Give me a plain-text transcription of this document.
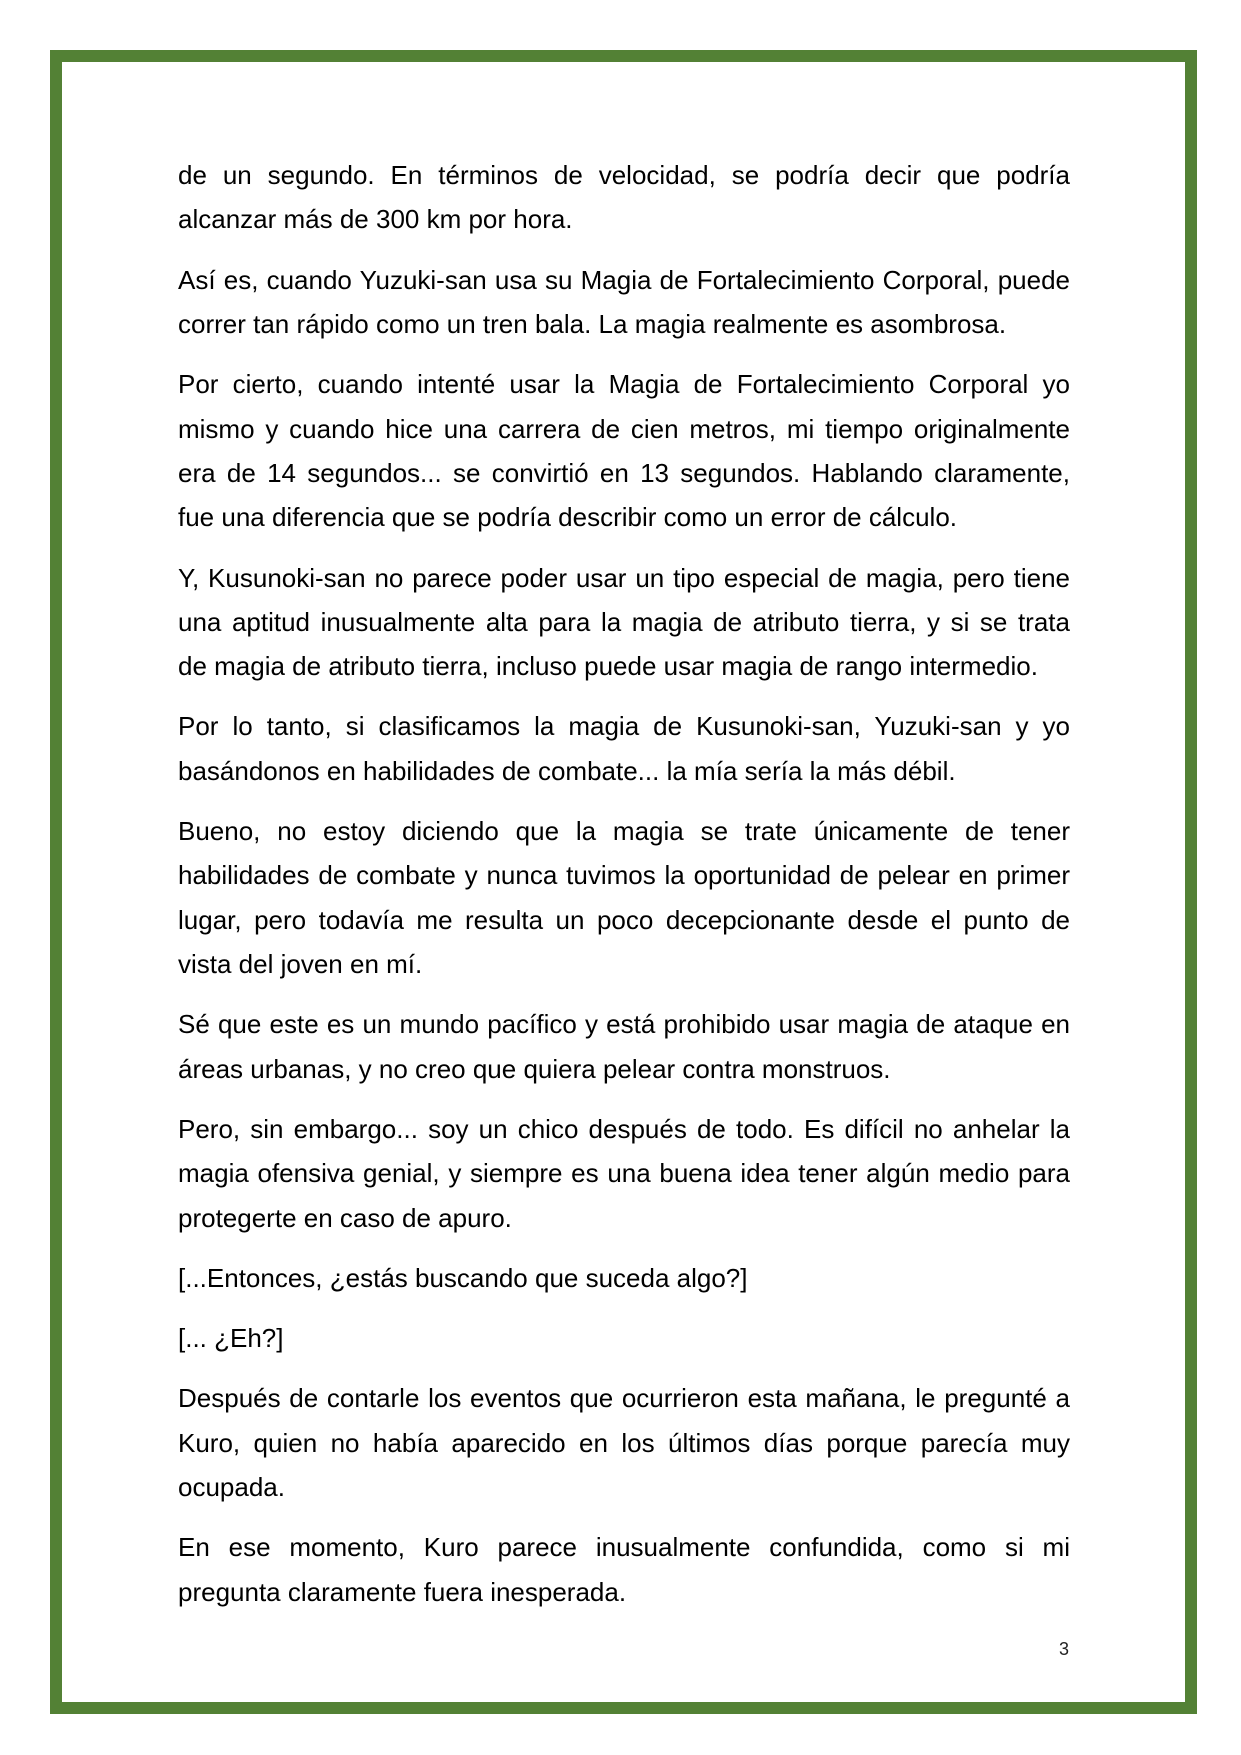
de un segundo. En términos de velocidad, se podría decir que podría
alcanzar más de 300 km por hora.
Así es, cuando Yuzuki-san usa su Magia de Fortalecimiento Corporal, puede
correr tan rápido como un tren bala. La magia realmente es asombrosa.
Por cierto, cuando intenté usar la Magia de Fortalecimiento Corporal yo
mismo y cuando hice una carrera de cien metros, mi tiempo originalmente
era de 14 segundos... se convirtió en 13 segundos. Hablando claramente,
fue una diferencia que se podría describir como un error de cálculo.
Y, Kusunoki-san no parece poder usar un tipo especial de magia, pero tiene
una aptitud inusualmente alta para la magia de atributo tierra, y si se trata
de magia de atributo tierra, incluso puede usar magia de rango intermedio.
Por lo tanto, si clasificamos la magia de Kusunoki-san, Yuzuki-san y yo
basándonos en habilidades de combate... la mía sería la más débil.
Bueno, no estoy diciendo que la magia se trate únicamente de tener
habilidades de combate y nunca tuvimos la oportunidad de pelear en primer
lugar, pero todavía me resulta un poco decepcionante desde el punto de
vista del joven en mí.
Sé que este es un mundo pacífico y está prohibido usar magia de ataque en
áreas urbanas, y no creo que quiera pelear contra monstruos.
Pero, sin embargo... soy un chico después de todo. Es difícil no anhelar la
magia ofensiva genial, y siempre es una buena idea tener algún medio para
protegerte en caso de apuro.
[...Entonces, ¿estás buscando que suceda algo?]
[... ¿Eh?]
Después de contarle los eventos que ocurrieron esta mañana, le pregunté a
Kuro, quien no había aparecido en los últimos días porque parecía muy
ocupada.
En ese momento, Kuro parece inusualmente confundida, como si mi
pregunta claramente fuera inesperada.
3
